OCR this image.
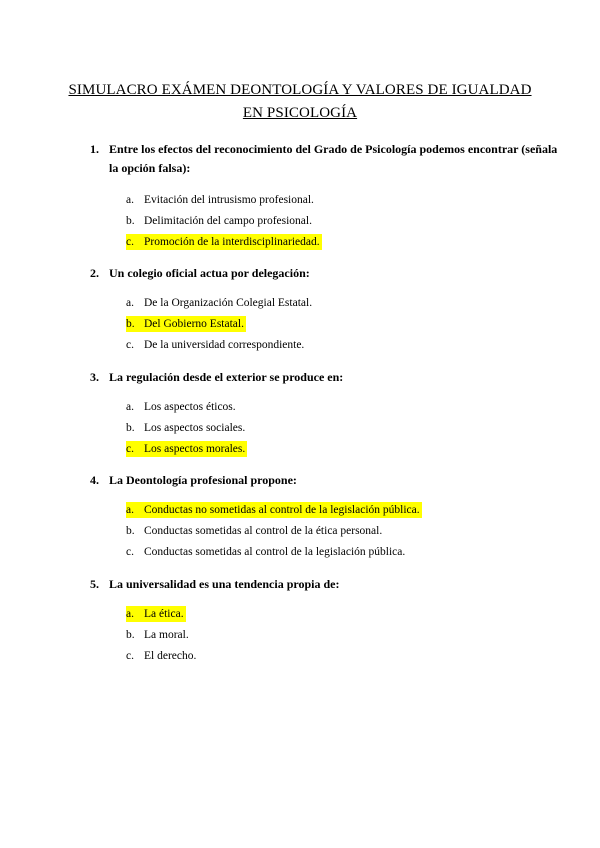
SIMULACRO EXÁMEN DEONTOLOGÍA Y VALORES DE IGUALDAD
EN PSICOLOGÍA
1. Entre los efectos del reconocimiento del Grado de Psicología podemos encontrar (señala la opción falsa):
a. Evitación del intrusismo profesional.
b. Delimitación del campo profesional.
c. Promoción de la interdisciplinariedad.
2. Un colegio oficial actua por delegación:
a. De la Organización Colegial Estatal.
b. Del Gobierno Estatal.
c. De la universidad correspondiente.
3. La regulación desde el exterior se produce en:
a. Los aspectos éticos.
b. Los aspectos sociales.
c. Los aspectos morales.
4. La Deontología profesional propone:
a. Conductas no sometidas al control de la legislación pública.
b. Conductas sometidas al control de la ética personal.
c. Conductas sometidas al control de la legislación pública.
5. La universalidad es una tendencia propia de:
a. La ética.
b. La moral.
c. El derecho.
